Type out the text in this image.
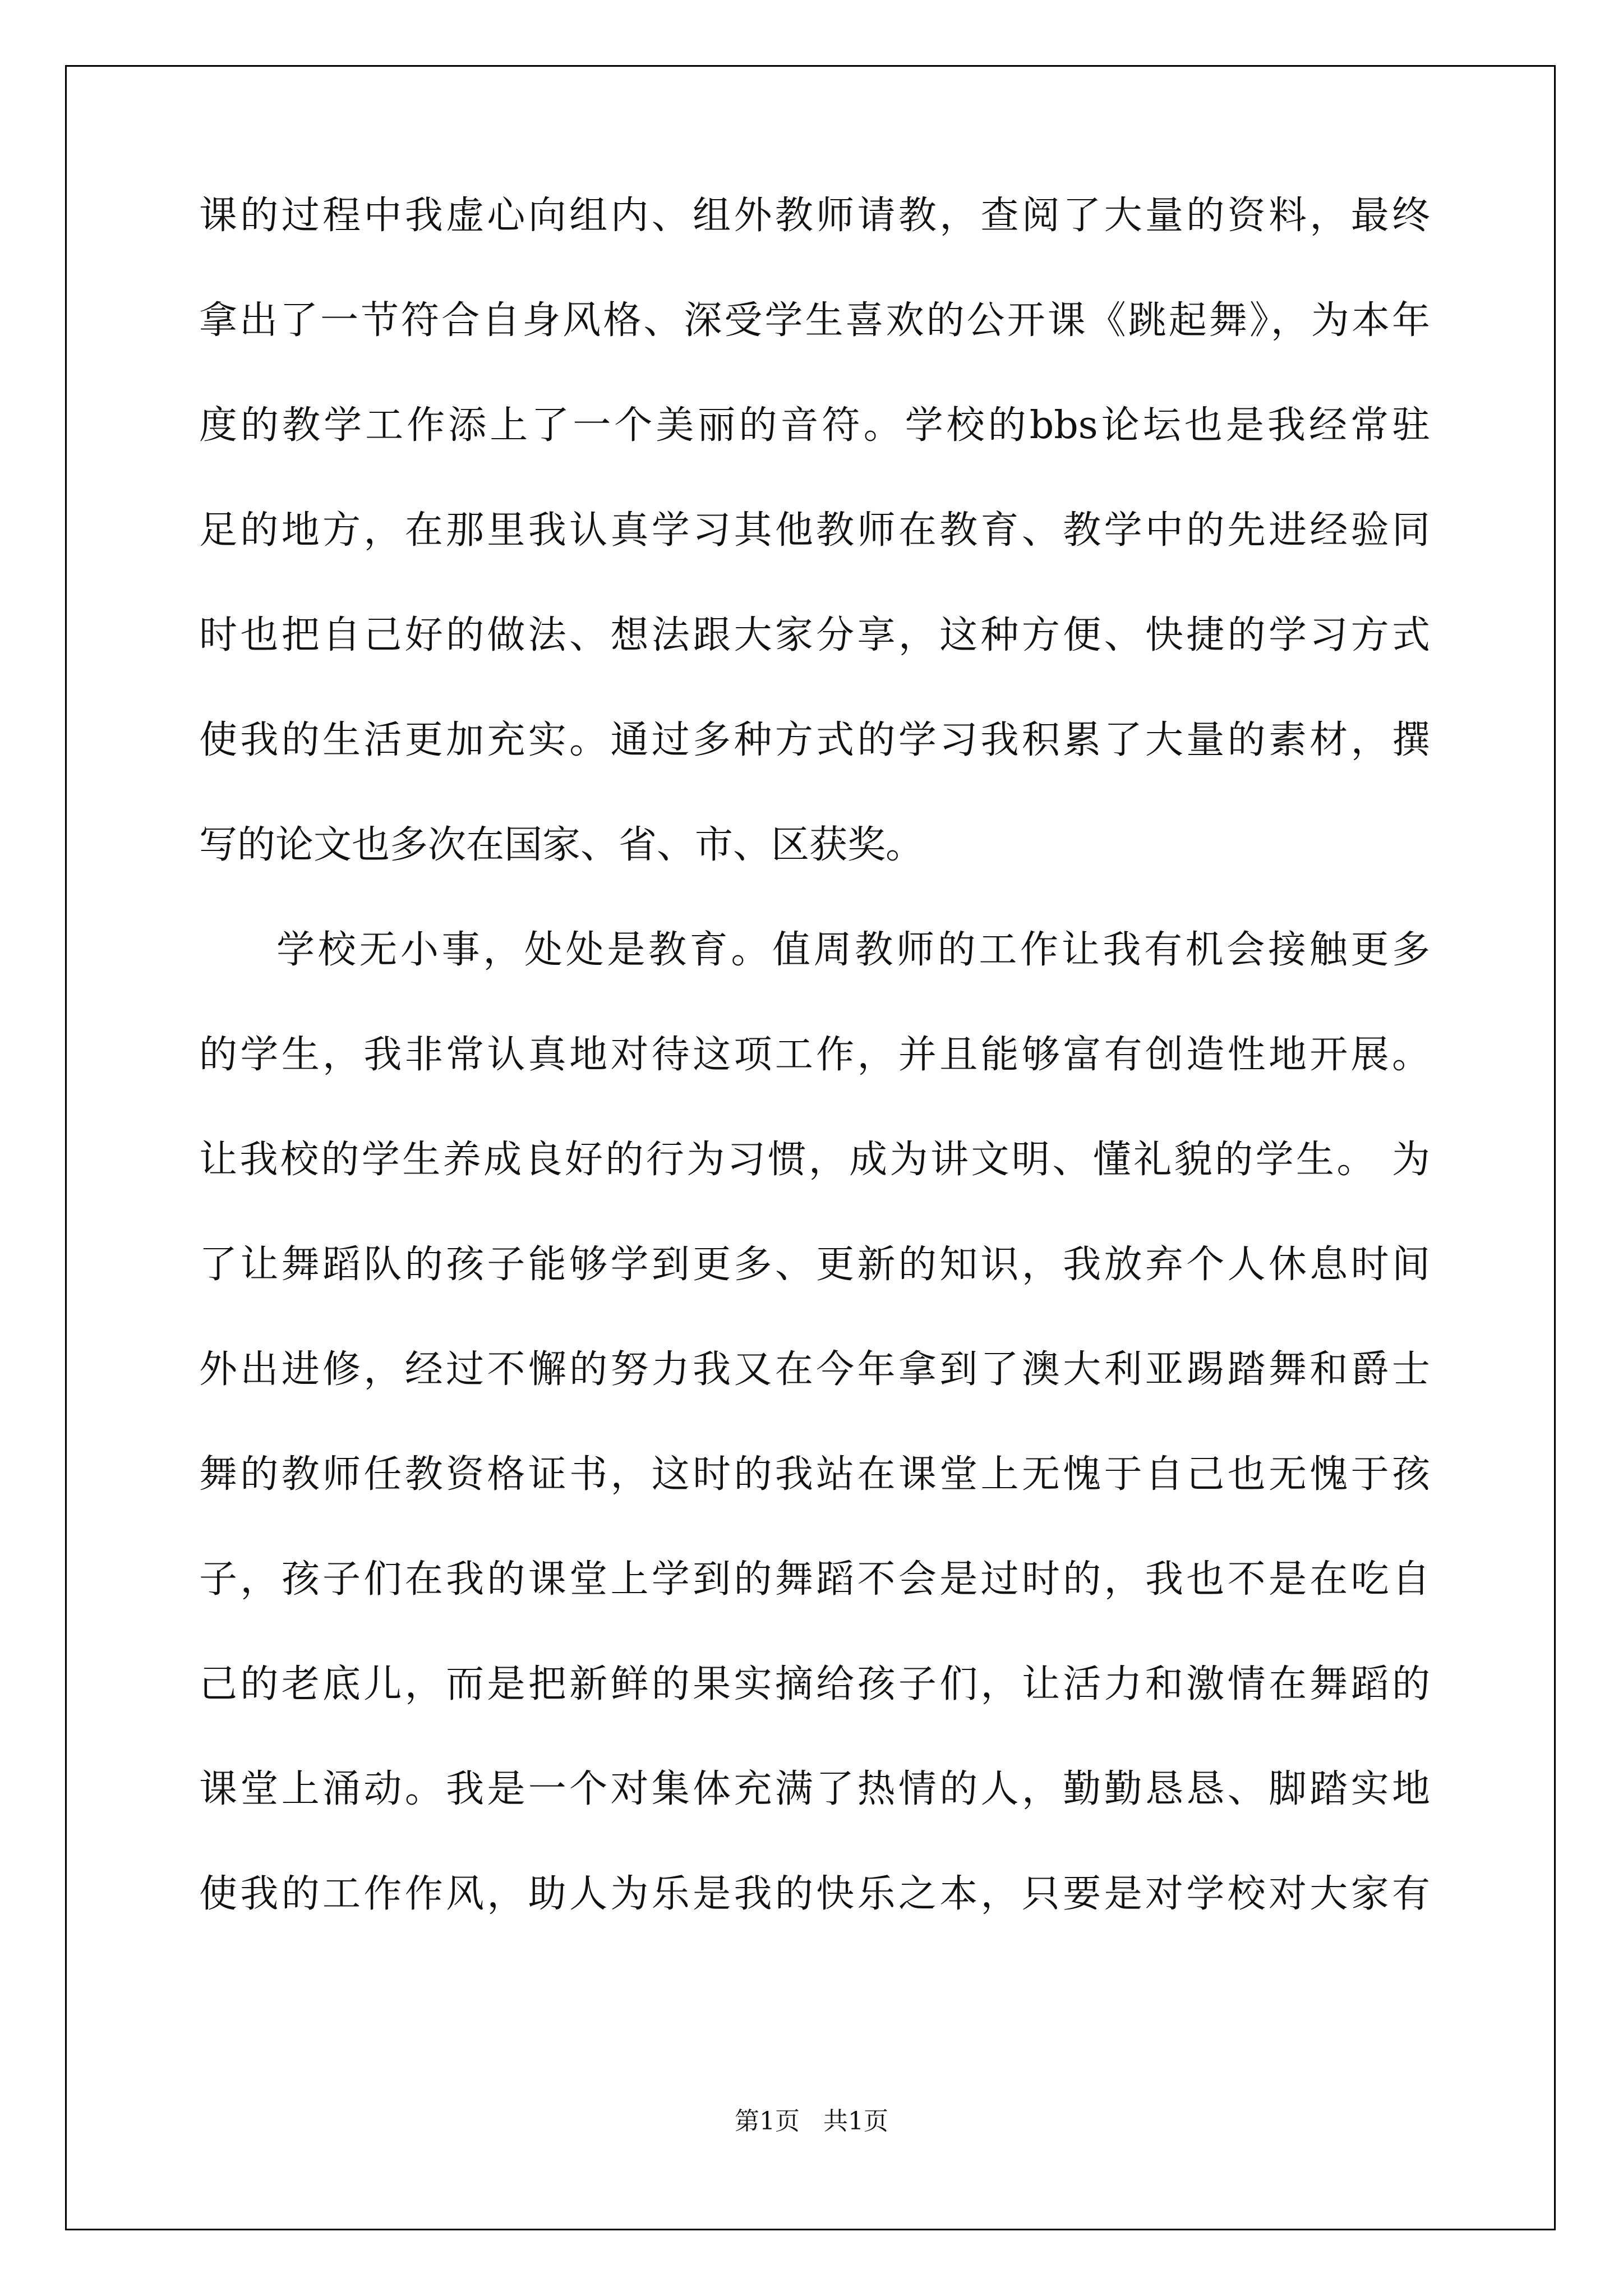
课的过程中我虚心向组内、组外教师请教，查阅了大量的资料，最终
拿出了一节符合自身风格、深受学生喜欢的公开课《跳起舞》，为本年
度的教学工作添上了一个美丽的音符。学校的bbs论坛也是我经常驻
足的地方，在那里我认真学习其他教师在教育、教学中的先进经验同
时也把自己好的做法、想法跟大家分享，这种方便、快捷的学习方式
使我的生活更加充实。通过多种方式的学习我积累了大量的素材，撰
写的论文也多次在国家、省、市、区获奖。
学校无小事，处处是教育。值周教师的工作让我有机会接触更多
的学生，我非常认真地对待这项工作，并且能够富有创造性地开展。
让我校的学生养成良好的行为习惯，成为讲文明、懂礼貌的学生。 为
了让舞蹈队的孩子能够学到更多、更新的知识，我放弃个人休息时间
外出进修，经过不懈的努力我又在今年拿到了澳大利亚踢踏舞和爵士
舞的教师任教资格证书，这时的我站在课堂上无愧于自己也无愧于孩
子，孩子们在我的课堂上学到的舞蹈不会是过时的，我也不是在吃自
己的老底儿，而是把新鲜的果实摘给孩子们，让活力和激情在舞蹈的
课堂上涌动。我是一个对集体充满了热情的人，勤勤恳恳、脚踏实地
使我的工作作风，助人为乐是我的快乐之本，只要是对学校对大家有
第1页   共1页
